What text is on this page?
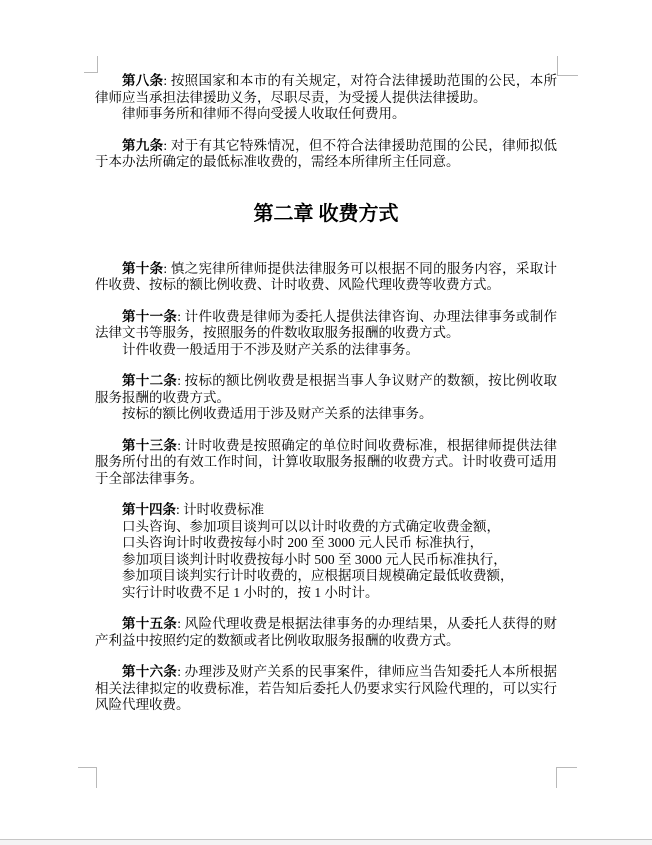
第八条: 按照国家和本市的有关规定，对符合法律援助范围的公民，本所律师应当承担法律援助义务，尽职尽责，为受援人提供法律援助。

律师事务所和律师不得向受援人收取任何费用。

第九条: 对于有其它特殊情况，但不符合法律援助范围的公民，律师拟低于本办法所确定的最低标准收费的，需经本所律所主任同意。

第二章 收费方式

第十条: 慎之宪律所律师提供法律服务可以根据不同的服务内容，采取计件收费、按标的额比例收费、计时收费、风险代理收费等收费方式。

第十一条: 计件收费是律师为委托人提供法律咨询、办理法律事务或制作法律文书等服务，按照服务的件数收取服务报酬的收费方式。

计件收费一般适用于不涉及财产关系的法律事务。

第十二条: 按标的额比例收费是根据当事人争议财产的数额，按比例收取服务报酬的收费方式。

按标的额比例收费适用于涉及财产关系的法律事务。

第十三条: 计时收费是按照确定的单位时间收费标准，根据律师提供法律服务所付出的有效工作时间，计算收取服务报酬的收费方式。计时收费可适用于全部法律事务。

第十四条: 计时收费标准

口头咨询、参加项目谈判可以以计时收费的方式确定收费金额，

口头咨询计时收费按每小时 200 至 3000 元人民币 标准执行，

参加项目谈判计时收费按每小时 500 至 3000 元人民币标准执行，

参加项目谈判实行计时收费的，应根据项目规模确定最低收费额，

实行计时收费不足 1 小时的，按 1 小时计。

第十五条: 风险代理收费是根据法律事务的办理结果，从委托人获得的财产利益中按照约定的数额或者比例收取服务报酬的收费方式。

第十六条: 办理涉及财产关系的民事案件，律师应当告知委托人本所根据相关法律拟定的收费标准，若告知后委托人仍要求实行风险代理的，可以实行风险代理收费。
